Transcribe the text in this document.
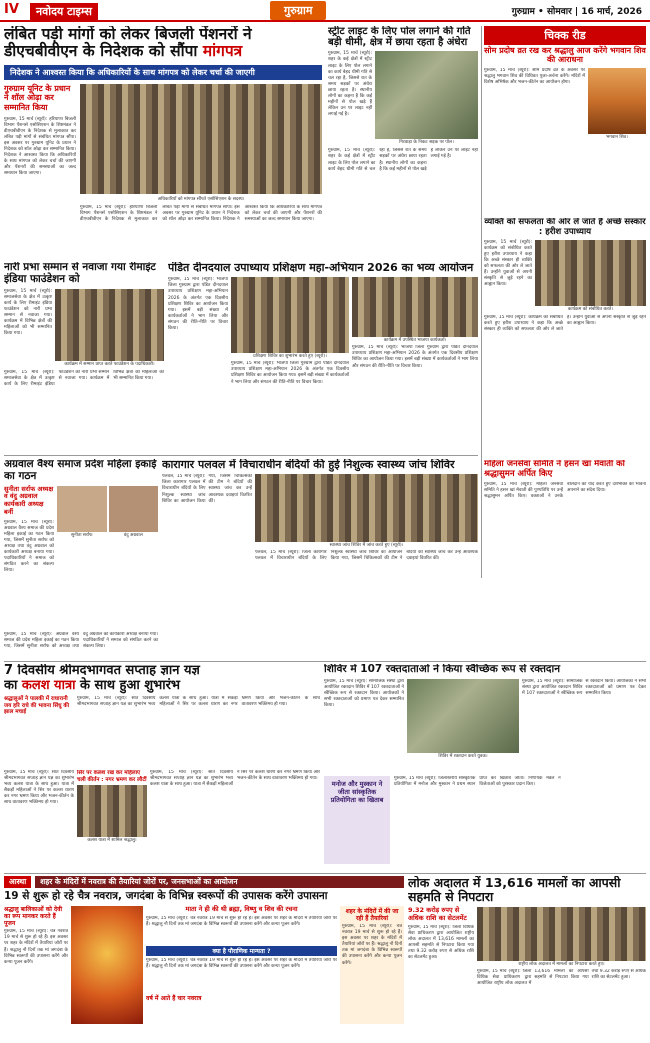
IV	नवोदय टाइम्स	गुरुग्राम	गुरुग्राम • सोमवार | 16 मार्च, 2026
लंबित पड़ी मांगों को लेकर बिजली पेंशनरों ने
डीएचबीवीएन के निदेशक को सौंपा मांगपत्र
निदेशक ने आश्वस्त किया कि अधिकारियों के साथ मांगपत्र को लेकर चर्चा की जाएगी
गुरुग्राम यूनिट के प्रधान ने शॉल ओढ़ा कर सम्मानित किया
गुरुग्राम, 15 मार्च (ब्यूरो): हरियाणा बिजली विभाग पेंशनर्स एसोसिएशन के शिष्टमंडल ने डीएचबीवीएन के निदेशक से मुलाकात कर लंबित पड़ी मांगों से संबंधित मांगपत्र सौंपा। इस अवसर पर गुरुग्राम यूनिट के प्रधान ने निदेशक को शॉल ओढ़ा कर सम्मानित किया। निदेशक ने आश्वस्त किया कि अधिकारियों के साथ मांगपत्र को लेकर चर्चा की जाएगी और पेंशनरों की समस्याओं का जल्द समाधान किया जाएगा।
अधिकारियों को मांगपत्र सौंपते एसोसिएशन के सदस्य।
गुरुग्राम, 15 मार्च (ब्यूरो): हरियाणा बिजली विभाग पेंशनर्स एसोसिएशन के शिष्टमंडल ने डीएचबीवीएन के निदेशक से मुलाकात कर लंबित पड़ी मांगों से संबंधित मांगपत्र सौंपा। इस अवसर पर गुरुग्राम यूनिट के प्रधान ने निदेशक को शॉल ओढ़ा कर सम्मानित किया। निदेशक ने आश्वस्त किया कि अधिकारियों के साथ मांगपत्र को लेकर चर्चा की जाएगी और पेंशनरों की समस्याओं का जल्द समाधान किया जाएगा।
स्ट्रीट लाइट के लिए पोल लगाने की गति बड़ी धीमी, क्षेत्र में छाया रहता है अंधेरा
गुरुग्राम, 15 मार्च (ब्यूरो): शहर के कई क्षेत्रों में स्ट्रीट लाइट के लिए पोल लगाने का कार्य बेहद धीमी गति से चल रहा है, जिससे रात के समय सड़कों पर अंधेरा छाया रहता है। स्थानीय लोगों का कहना है कि कई महीनों से पोल खड़े हैं लेकिन उन पर लाइट नहीं लगाई गई है।
गिरवाड़ा के निकट सड़क पर पोल।
गुरुग्राम, 15 मार्च (ब्यूरो): शहर के कई क्षेत्रों में स्ट्रीट लाइट के लिए पोल लगाने का कार्य बेहद धीमी गति से चल रहा है, जिससे रात के समय सड़कों पर अंधेरा छाया रहता है। स्थानीय लोगों का कहना है कि कई महीनों से पोल खड़े हैं लेकिन उन पर लाइट नहीं लगाई गई है।
चिक्क रीड
सोम प्रदोष व्रत रख कर श्रद्धालु आज करेंगे भगवान शिव की आराधना
गुरुग्राम, 15 मार्च (ब्यूरो): सोम प्रदोष व्रत के अवसर पर श्रद्धालु भगवान शिव की विधिवत पूजा-अर्चना करेंगे। मंदिरों में विशेष अभिषेक और भजन-कीर्तन का आयोजन होगा।
भगवान शिव।
व्यक्ति को सफलता की ओर ले जाते हैं अच्छे संस्कार : हरीश उपाध्याय
गुरुग्राम, 15 मार्च (ब्यूरो): कार्यक्रम को संबोधित करते हुए हरीश उपाध्याय ने कहा कि अच्छे संस्कार ही व्यक्ति को सफलता की ओर ले जाते हैं। उन्होंने युवाओं से अपनी संस्कृति से जुड़े रहने का आह्वान किया।
कार्यक्रम को संबोधित करते।
गुरुग्राम, 15 मार्च (ब्यूरो): कार्यक्रम को संबोधित करते हुए हरीश उपाध्याय ने कहा कि अच्छे संस्कार ही व्यक्ति को सफलता की ओर ले जाते हैं। उन्होंने युवाओं से अपनी संस्कृति से जुड़े रहने का आह्वान किया।
महिला जनसेवा समिति ने हसन खां मेवाती को श्रद्धासुमन अर्पित किए
गुरुग्राम, 15 मार्च (ब्यूरो): महिला जनसेवा समिति ने हसन खां मेवाती की पुण्यतिथि पर उन्हें श्रद्धासुमन अर्पित किए। वक्ताओं ने उनके बलिदान को याद करते हुए देशभक्ति की भावना अपनाने का संदेश दिया।
नारी प्रभा सम्मान से नवाजा गया रीमाइंट इंडिया फाउंडेशन को
गुरुग्राम, 15 मार्च (ब्यूरो): समाजसेवा के क्षेत्र में उत्कृष्ट कार्य के लिए रीमाइंट इंडिया फाउंडेशन को नारी प्रभा सम्मान से नवाजा गया। कार्यक्रम में विभिन्न क्षेत्रों की महिलाओं को भी सम्मानित किया गया।
कार्यक्रम में सम्मान प्राप्त करते फाउंडेशन के पदाधिकारी।
गुरुग्राम, 15 मार्च (ब्यूरो): समाजसेवा के क्षेत्र में उत्कृष्ट कार्य के लिए रीमाइंट इंडिया फाउंडेशन को नारी प्रभा सम्मान से नवाजा गया। कार्यक्रम में विभिन्न क्षेत्रों की महिलाओं को भी सम्मानित किया गया।
पंडित दीनदयाल उपाध्याय प्रशिक्षण महा-अभियान 2026 का भव्य आयोजन
गुरुग्राम, 15 मार्च (ब्यूरो): भाजपा जिला गुरुग्राम द्वारा पंडित दीनदयाल उपाध्याय प्रशिक्षण महा-अभियान 2026 के अंतर्गत एक दिवसीय प्रशिक्षण शिविर का आयोजन किया गया। इसमें बड़ी संख्या में कार्यकर्ताओं ने भाग लिया और संगठन की रीति-नीति पर विचार किया।
प्रशिक्षण शिविर का शुभारंभ करते हुए (ब्यूरो)।
गुरुग्राम, 15 मार्च (ब्यूरो): भाजपा जिला गुरुग्राम द्वारा पंडित दीनदयाल उपाध्याय प्रशिक्षण महा-अभियान 2026 के अंतर्गत एक दिवसीय प्रशिक्षण शिविर का आयोजन किया गया। इसमें बड़ी संख्या में कार्यकर्ताओं ने भाग लिया और संगठन की रीति-नीति पर विचार किया।
कार्यक्रम में उपस्थित भाजपा कार्यकर्ता।
गुरुग्राम, 15 मार्च (ब्यूरो): भाजपा जिला गुरुग्राम द्वारा पंडित दीनदयाल उपाध्याय प्रशिक्षण महा-अभियान 2026 के अंतर्गत एक दिवसीय प्रशिक्षण शिविर का आयोजन किया गया। इसमें बड़ी संख्या में कार्यकर्ताओं ने भाग लिया और संगठन की रीति-नीति पर विचार किया।
अग्रवाल वैश्य समाज प्रदेश महिला इकाई का गठन
सुनीता सर्राफ अध्यक्ष व वंदु अग्रवाल कार्यकारी अध्यक्ष बनीं
गुरुग्राम, 15 मार्च (ब्यूरो): अग्रवाल वैश्य समाज की प्रदेश महिला इकाई का गठन किया गया, जिसमें सुनीता सर्राफ को अध्यक्ष तथा वंदु अग्रवाल को कार्यकारी अध्यक्ष बनाया गया। पदाधिकारियों ने समाज को संगठित करने का संकल्प लिया।
सुनीता सर्राफ	वंदु अग्रवाल
गुरुग्राम, 15 मार्च (ब्यूरो): अग्रवाल वैश्य समाज की प्रदेश महिला इकाई का गठन किया गया, जिसमें सुनीता सर्राफ को अध्यक्ष तथा वंदु अग्रवाल को कार्यकारी अध्यक्ष बनाया गया। पदाधिकारियों ने समाज को संगठित करने का संकल्प लिया।
कारागार पलवल में विचाराधीन बंदियों की हुई निशुल्क स्वास्थ्य जांच शिविर
पलवल, 15 मार्च (ब्यूरो): जिला कारागार पलवल में विचाराधीन बंदियों के लिए निशुल्क स्वास्थ्य जांच शिविर का आयोजन किया गया, जिसमें चिकित्सकों की टीम ने बंदियों की स्वास्थ्य जांच कर उन्हें आवश्यक दवाइयां वितरित कीं।
स्वास्थ्य जांच शिविर में जांच करते हुए (ब्यूरो)।
पलवल, 15 मार्च (ब्यूरो): जिला कारागार पलवल में विचाराधीन बंदियों के लिए निशुल्क स्वास्थ्य जांच शिविर का आयोजन किया गया, जिसमें चिकित्सकों की टीम ने बंदियों की स्वास्थ्य जांच कर उन्हें आवश्यक दवाइयां वितरित कीं।
7 दिवसीय श्रीमदभागवत सप्ताह ज्ञान यज्ञ
का कलश यात्रा के साथ हुआ शुभारंभ
श्रद्धालुओं ने पालकी में राधारानी जय हरि राधे की भावना सिंधु की झाल मचाई
गुरुग्राम, 15 मार्च (ब्यूरो): सात दिवसीय श्रीमदभागवत सप्ताह ज्ञान यज्ञ का शुभारंभ भव्य कलश यात्रा के साथ हुआ। यात्रा में सैकड़ों महिलाओं ने सिर पर कलश धारण कर नगर भ्रमण किया और भजन-कीर्तन के साथ वातावरण भक्तिमय हो गया।
गुरुग्राम, 15 मार्च (ब्यूरो): सात दिवसीय श्रीमदभागवत सप्ताह ज्ञान यज्ञ का शुभारंभ भव्य कलश यात्रा के साथ हुआ। यात्रा में सैकड़ों महिलाओं ने सिर पर कलश धारण कर नगर भ्रमण किया और भजन-कीर्तन के साथ वातावरण भक्तिमय हो गया।
सिर पर कलश रख कर महिलाएं चली कीर्तन : नगर भ्रमण कर लौटीं
कलश यात्रा में शामिल श्रद्धालु।
गुरुग्राम, 15 मार्च (ब्यूरो): सात दिवसीय श्रीमदभागवत सप्ताह ज्ञान यज्ञ का शुभारंभ भव्य कलश यात्रा के साथ हुआ। यात्रा में सैकड़ों महिलाओं ने सिर पर कलश धारण कर नगर भ्रमण किया और भजन-कीर्तन के साथ वातावरण भक्तिमय हो गया।
शिविर में 107 रक्तदाताओं ने किया स्वैच्छिक रूप से रक्तदान
गुरुग्राम, 15 मार्च (ब्यूरो): सामाजिक संस्था द्वारा आयोजित रक्तदान शिविर में 107 रक्तदाताओं ने स्वैच्छिक रूप से रक्तदान किया। आयोजकों ने सभी रक्तदाताओं को प्रमाण पत्र देकर सम्मानित किया।
शिविर में रक्तदान करते युवक।
गुरुग्राम, 15 मार्च (ब्यूरो): सामाजिक संस्था द्वारा आयोजित रक्तदान शिविर में 107 रक्तदाताओं ने स्वैच्छिक रूप से रक्तदान किया। आयोजकों ने सभी रक्तदाताओं को प्रमाण पत्र देकर सम्मानित किया।
मनोज और मुस्कान ने जीता सांस्कृतिक प्रतियोगिता का खिताब
गुरुग्राम, 15 मार्च (ब्यूरो): जिलास्तरीय सांस्कृतिक प्रतियोगिता में मनोज और मुस्कान ने प्रथम स्थान प्राप्त कर खिताब जीता। निर्णायक मंडल ने विजेताओं को पुरस्कार प्रदान किए।
आस्था	शहर के मंदिरों में नवरात्र की तैयारियां जोरों पर, जनसभाओं का आयोजन
19 से शुरू हो रहे चैत्र नवरात्र, जगदंबा के विभिन्न स्वरूपों की उपासक करेंगे उपासना
श्रद्धालु बालिकाओं को देवी का रूप मानकर करते हैं पूजन
गुरुग्राम, 15 मार्च (ब्यूरो): चैत्र नवरात्र 19 मार्च से शुरू हो रहे हैं। इस अवसर पर शहर के मंदिरों में तैयारियां जोरों पर हैं। श्रद्धालु नौ दिनों तक मां जगदंबा के विभिन्न स्वरूपों की उपासना करेंगे और कन्या पूजन करेंगे।
माता ने ही की थी ब्रह्मा, विष्णु व शिव की रचना
गुरुग्राम, 15 मार्च (ब्यूरो): चैत्र नवरात्र 19 मार्च से शुरू हो रहे हैं। इस अवसर पर शहर के मंदिरों में तैयारियां जोरों पर हैं। श्रद्धालु नौ दिनों तक मां जगदंबा के विभिन्न स्वरूपों की उपासना करेंगे और कन्या पूजन करेंगे।
क्या है पौराणिक मान्यता ?
गुरुग्राम, 15 मार्च (ब्यूरो): चैत्र नवरात्र 19 मार्च से शुरू हो रहे हैं। इस अवसर पर शहर के मंदिरों में तैयारियां जोरों पर हैं। श्रद्धालु नौ दिनों तक मां जगदंबा के विभिन्न स्वरूपों की उपासना करेंगे और कन्या पूजन करेंगे।
वर्ष में आते हैं चार नवरात्र
शहर के मंदिरों में की जा रही हैं तैयारियां
गुरुग्राम, 15 मार्च (ब्यूरो): चैत्र नवरात्र 19 मार्च से शुरू हो रहे हैं। इस अवसर पर शहर के मंदिरों में तैयारियां जोरों पर हैं। श्रद्धालु नौ दिनों तक मां जगदंबा के विभिन्न स्वरूपों की उपासना करेंगे और कन्या पूजन करेंगे।
लोक अदालत में 13,616 मामलों का आपसी सहमति से निपटारा
9.32 करोड़ रुपए से अधिक राशि का सेटलमेंट
गुरुग्राम, 15 मार्च (ब्यूरो): जिला विधिक सेवा प्राधिकरण द्वारा आयोजित राष्ट्रीय लोक अदालत में 13,616 मामलों का आपसी सहमति से निपटारा किया गया तथा 9.32 करोड़ रुपए से अधिक राशि का सेटलमेंट हुआ।
राष्ट्रीय लोक अदालत में मामलों का निपटारा करते हुए।
गुरुग्राम, 15 मार्च (ब्यूरो): जिला विधिक सेवा प्राधिकरण द्वारा आयोजित राष्ट्रीय लोक अदालत में 13,616 मामलों का आपसी सहमति से निपटारा किया गया तथा 9.32 करोड़ रुपए से अधिक राशि का सेटलमेंट हुआ।
